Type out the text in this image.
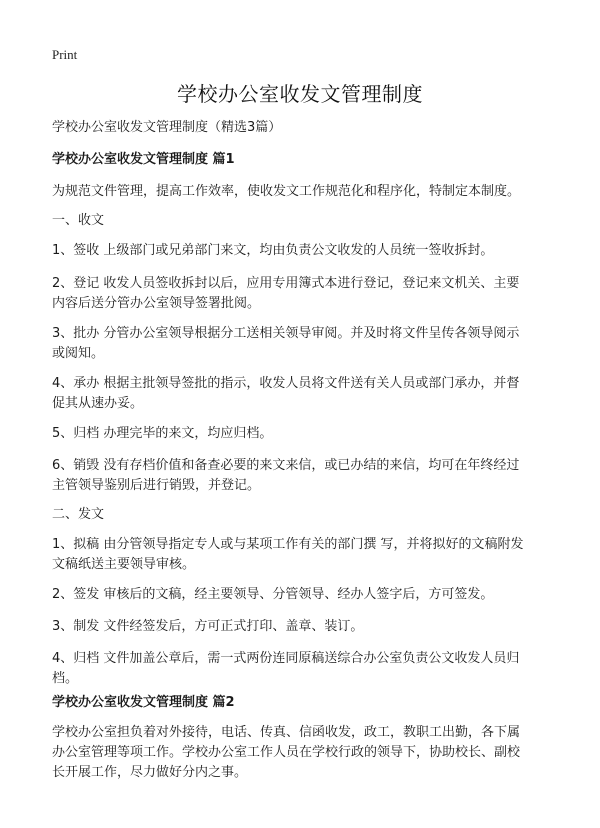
Print
学校办公室收发文管理制度
学校办公室收发文管理制度（精选3篇）
学校办公室收发文管理制度 篇1
为规范文件管理，提高工作效率，使收发文工作规范化和程序化，特制定本制度。
一、收文
1、签收 上级部门或兄弟部门来文，均由负责公文收发的人员统一签收拆封。
2、登记 收发人员签收拆封以后，应用专用簿式本进行登记，登记来文机关、主要
内容后送分管办公室领导签署批阅。
3、批办 分管办公室领导根据分工送相关领导审阅。并及时将文件呈传各领导阅示
或阅知。
4、承办 根据主批领导签批的指示，收发人员将文件送有关人员或部门承办，并督
促其从速办妥。
5、归档 办理完毕的来文，均应归档。
6、销毁 没有存档价值和备查必要的来文来信，或已办结的来信，均可在年终经过
主管领导鉴别后进行销毁，并登记。
二、发文
1、拟稿 由分管领导指定专人或与某项工作有关的部门撰 写，并将拟好的文稿附发
文稿纸送主要领导审核。
2、签发 审核后的文稿，经主要领导、分管领导、经办人签字后，方可签发。
3、制发 文件经签发后，方可正式打印、盖章、装订。
4、归档 文件加盖公章后，需一式两份连同原稿送综合办公室负责公文收发人员归
档。
学校办公室收发文管理制度 篇2
学校办公室担负着对外接待，电话、传真、信函收发，政工，教职工出勤，各下属
办公室管理等项工作。学校办公室工作人员在学校行政的领导下，协助校长、副校
长开展工作，尽力做好分内之事。
